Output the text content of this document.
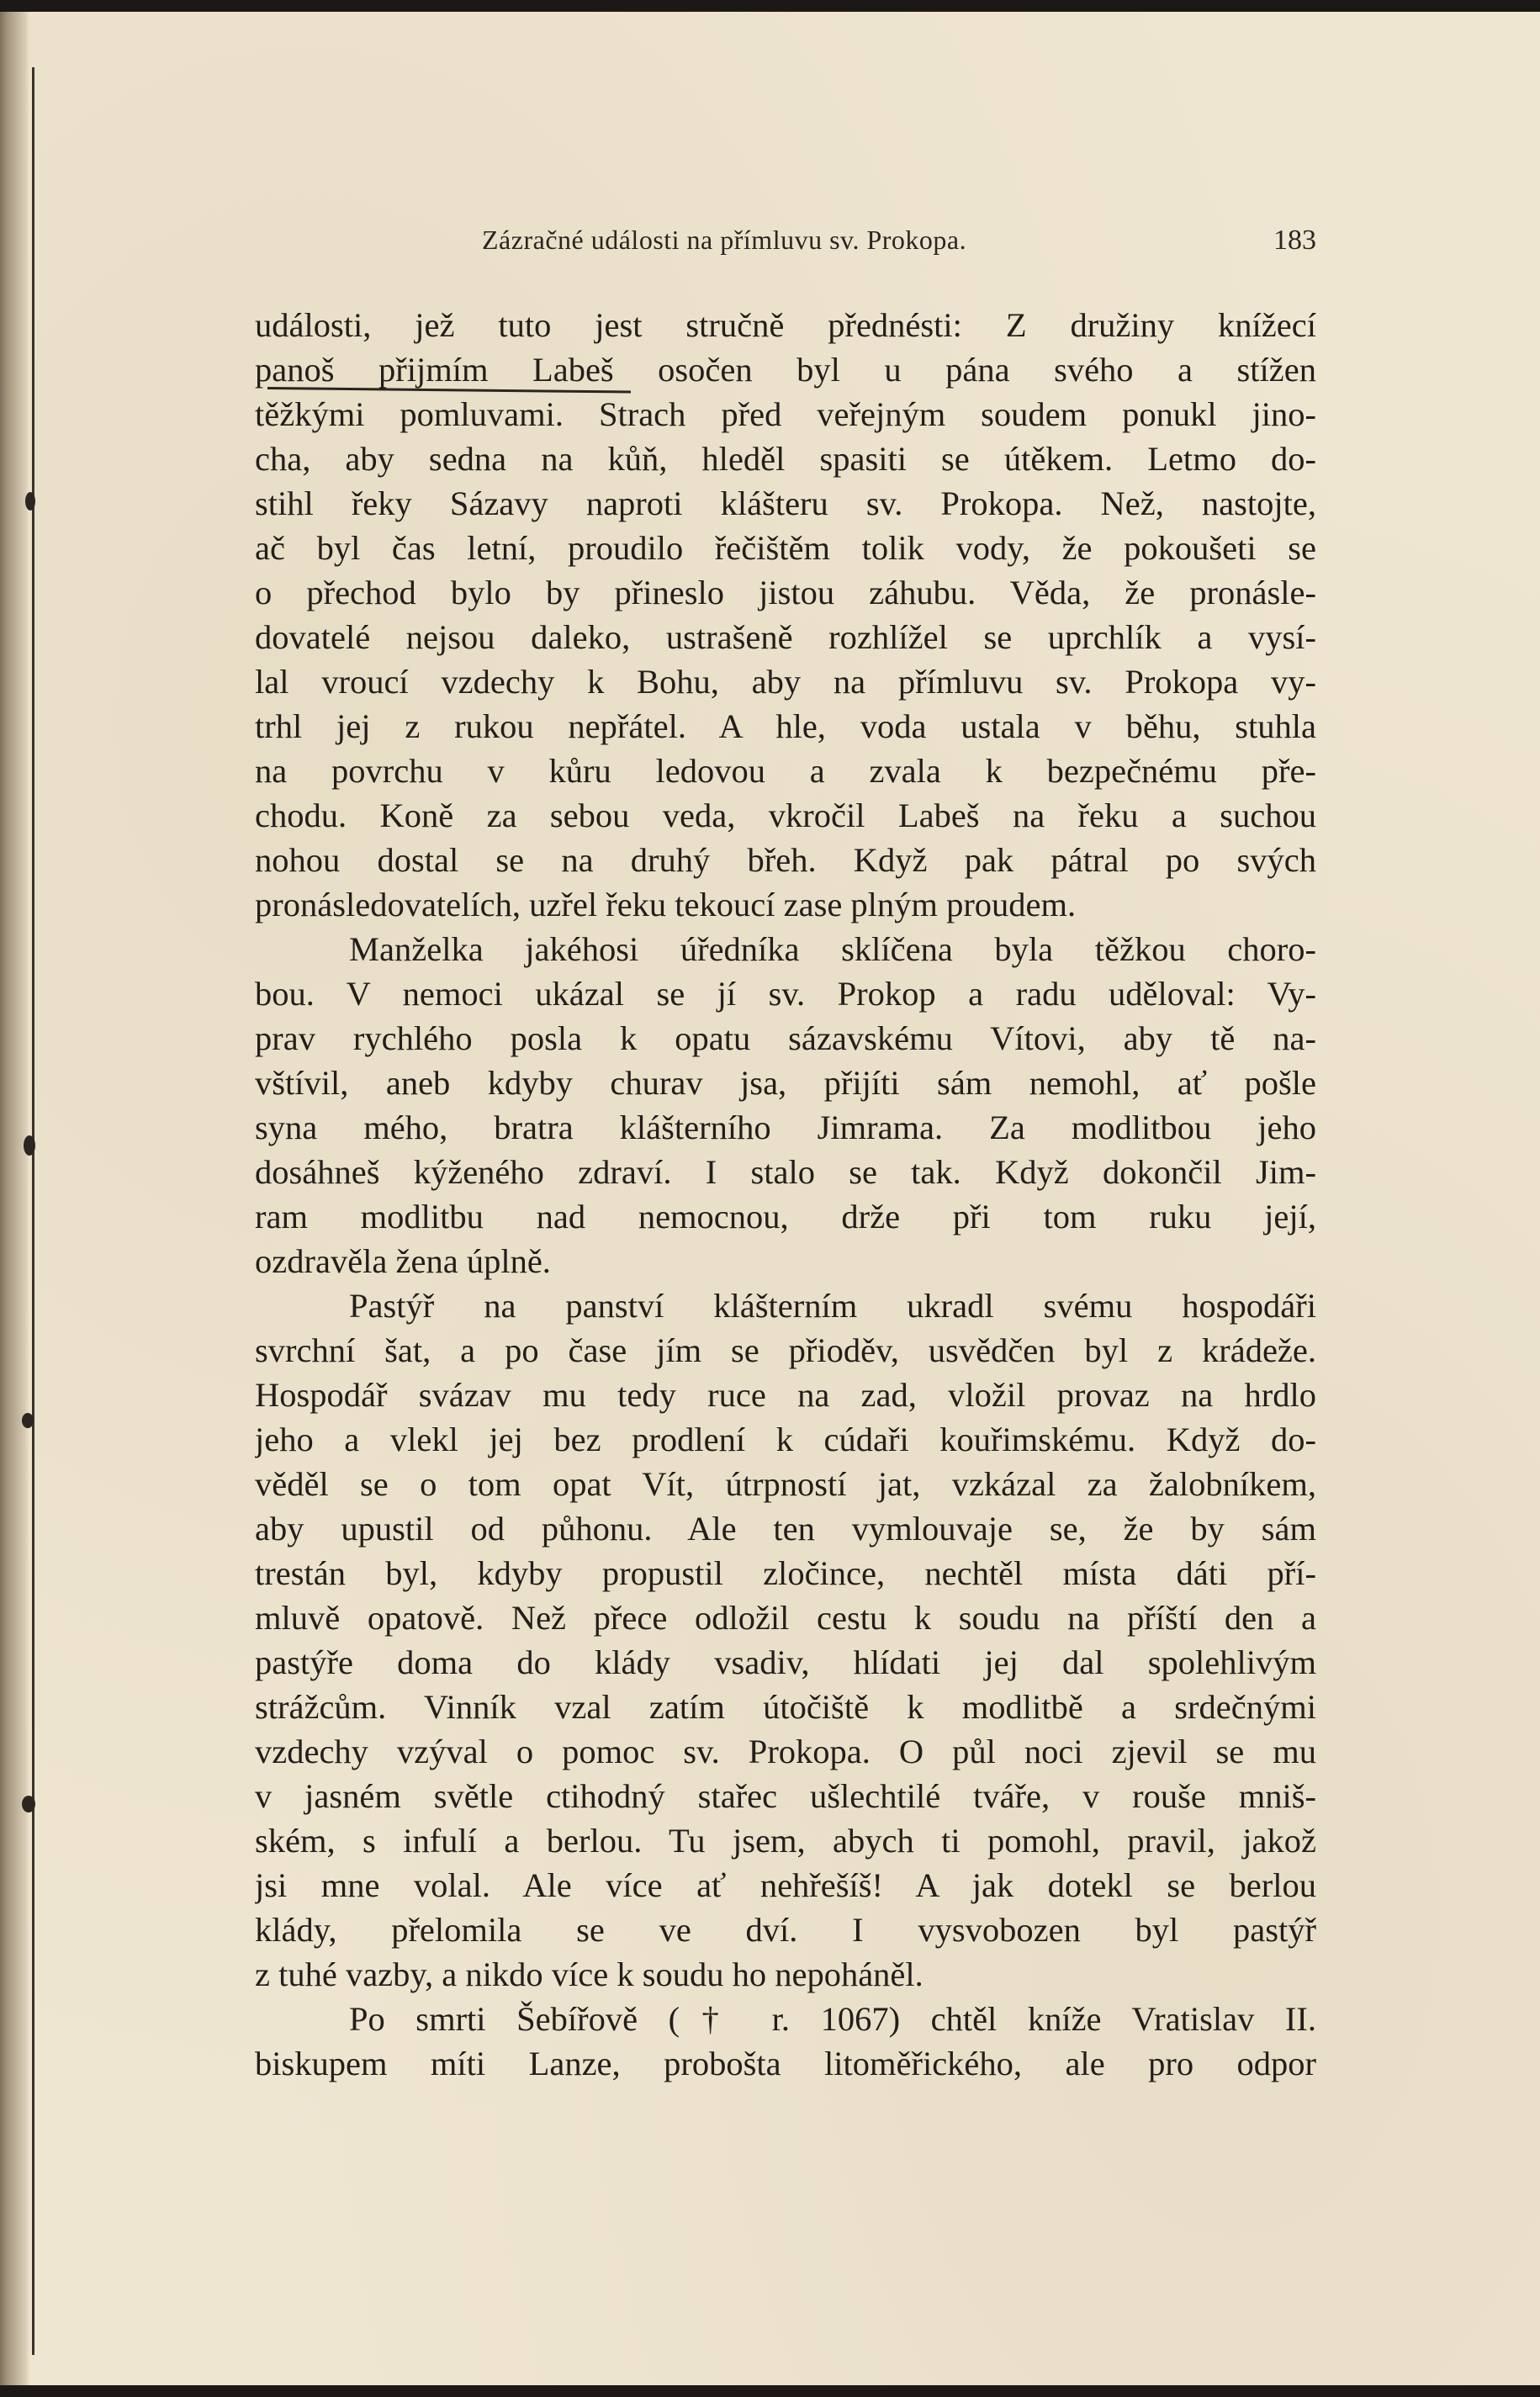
Zázračné události na přímluvu sv. Prokopa.	183
události, jež tuto jest stručně přednésti: Z družiny knížecí
panoš přijmím Labeš osočen byl u pána svého a stížen
těžkými pomluvami. Strach před veřejným soudem ponukl jino-
cha, aby sedna na kůň, hleděl spasiti se útěkem. Letmo do-
stihl řeky Sázavy naproti klášteru sv. Prokopa. Než, nastojte,
ač byl čas letní, proudilo řečištěm tolik vody, že pokoušeti se
o přechod bylo by přineslo jistou záhubu. Věda, že pronásle-
dovatelé nejsou daleko, ustrašeně rozhlížel se uprchlík a vysí-
lal vroucí vzdechy k Bohu, aby na přímluvu sv. Prokopa vy-
trhl jej z rukou nepřátel. A hle, voda ustala v běhu, stuhla
na povrchu v kůru ledovou a zvala k bezpečnému pře-
chodu. Koně za sebou veda, vkročil Labeš na řeku a suchou
nohou dostal se na druhý břeh. Když pak pátral po svých
pronásledovatelích, uzřel řeku tekoucí zase plným proudem.
Manželka jakéhosi úředníka sklíčena byla těžkou choro-
bou. V nemoci ukázal se jí sv. Prokop a radu uděloval: Vy-
prav rychlého posla k opatu sázavskému Vítovi, aby tě na-
vštívil, aneb kdyby churav jsa, přijíti sám nemohl, ať pošle
syna mého, bratra klášterního Jimrama. Za modlitbou jeho
dosáhneš kýženého zdraví. I stalo se tak. Když dokončil Jim-
ram modlitbu nad nemocnou, drže při tom ruku její,
ozdravěla žena úplně.
Pastýř na panství klášterním ukradl svému hospodáři
svrchní šat, a po čase jím se přioděv, usvědčen byl z krádeže.
Hospodář svázav mu tedy ruce na zad, vložil provaz na hrdlo
jeho a vlekl jej bez prodlení k cúdaři kouřimskému. Když do-
věděl se o tom opat Vít, útrpností jat, vzkázal za žalobníkem,
aby upustil od půhonu. Ale ten vymlouvaje se, že by sám
trestán byl, kdyby propustil zločince, nechtěl místa dáti pří-
mluvě opatově. Než přece odložil cestu k soudu na příští den a
pastýře doma do klády vsadiv, hlídati jej dal spolehlivým
strážcům. Vinník vzal zatím útočiště k modlitbě a srdečnými
vzdechy vzýval o pomoc sv. Prokopa. O půl noci zjevil se mu
v jasném světle ctihodný stařec ušlechtilé tváře, v rouše mniš-
ském, s infulí a berlou. Tu jsem, abych ti pomohl, pravil, jakož
jsi mne volal. Ale více ať nehřešíš! A jak dotekl se berlou
klády, přelomila se ve dví. I vysvobozen byl pastýř
z tuhé vazby, a nikdo více k soudu ho nepoháněl.
Po smrti Šebířově († r. 1067) chtěl kníže Vratislav II.
biskupem míti Lanze, probošta litoměřického, ale pro odpor
